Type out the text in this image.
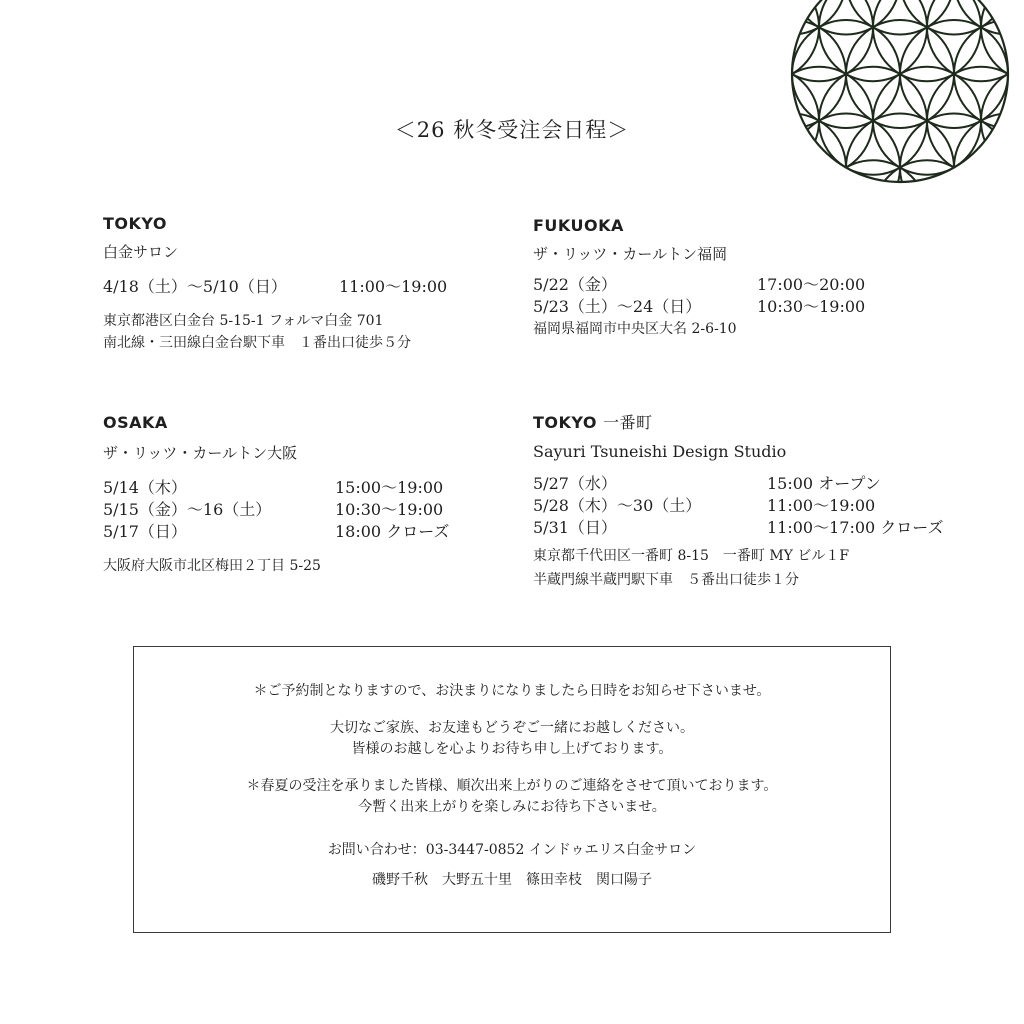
＜26 秋冬受注会日程＞
TOKYO
白金サロン
4/18（土）〜5/10（日）	11:00〜19:00
東京都港区白金台 5-15-1 フォルマ白金 701
南北線・三田線白金台駅下車　１番出口徒歩５分
FUKUOKA
ザ・リッツ・カールトン福岡
5/22（金）	17:00〜20:00
5/23（土）〜24（日）	10:30〜19:00
福岡県福岡市中央区大名 2-6-10
OSAKA
ザ・リッツ・カールトン大阪
5/14（木）	15:00〜19:00
5/15（金）〜16（土）	10:30〜19:00
5/17（日）	18:00 クローズ
大阪府大阪市北区梅田２丁目 5-25
TOKYO 一番町
Sayuri Tsuneishi Design Studio
5/27（水）	15:00 オープン
5/28（木）〜30（土）	11:00〜19:00
5/31（日）	11:00〜17:00 クローズ
東京都千代田区一番町 8-15　一番町 MY ビル１F
半蔵門線半蔵門駅下車　５番出口徒歩１分

＊ご予約制となりますので、お決まりになりましたら日時をお知らせ下さいませ。

大切なご家族、お友達もどうぞご一緒にお越しください。

皆様のお越しを心よりお待ち申し上げております。

＊春夏の受注を承りました皆様、順次出来上がりのご連絡をさせて頂いております。

今暫く出来上がりを楽しみにお待ち下さいませ。

お問い合わせ：03-3447-0852 インドゥエリス白金サロン

磯野千秋　大野五十里　篠田幸枝　関口陽子
